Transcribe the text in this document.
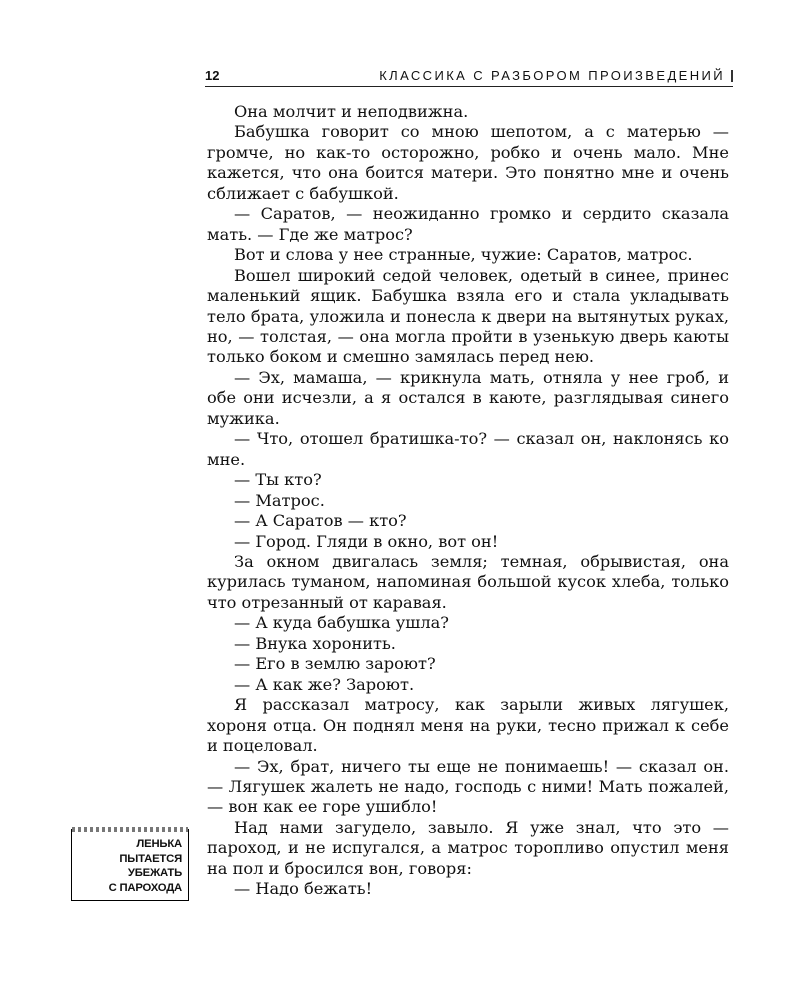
12	КЛАССИКА С РАЗБОРОМ ПРОИЗВЕДЕНИЙ

Она молчит и неподвижна.

Бабушка говорит со мною шепотом, а с матерью — громче, но как-то осторожно, робко и очень мало. Мне кажется, что она боится матери. Это понятно мне и очень сближает с бабушкой.

— Саратов, — неожиданно громко и сердито сказала мать. — Где же матрос?

Вот и слова у нее странные, чужие: Саратов, матрос.

Вошел широкий седой человек, одетый в синее, принес маленький ящик. Бабушка взяла его и стала укладывать тело брата, уложила и понесла к двери на вытянутых руках, но, — толстая, — она могла пройти в узенькую дверь каюты только боком и смешно замялась перед нею.

— Эх, мамаша, — крикнула мать, отняла у нее гроб, и обе они исчезли, а я остался в каюте, разглядывая синего мужика.

— Что, отошел братишка-то? — сказал он, наклонясь ко мне.

— Ты кто?

— Матрос.

— А Саратов — кто?

— Город. Гляди в окно, вот он!

За окном двигалась земля; темная, обрывистая, она курилась туманом, напоминая большой кусок хлеба, только что отрезанный от каравая.

— А куда бабушка ушла?

— Внука хоронить.

— Его в землю зароют?

— А как же? Зароют.

Я рассказал матросу, как зарыли живых лягушек, хороня отца. Он поднял меня на руки, тесно прижал к себе и поцеловал.

— Эх, брат, ничего ты еще не понимаешь! — сказал он. — Лягушек жалеть не надо, господь с ними! Мать пожалей, — вон как ее горе ушибло!

Над нами загудело, завыло. Я уже знал, что это — пароход, и не испугался, а матрос торопливо опустил меня на пол и бросился вон, говоря:

— Надо бежать!

ЛЕНЬКА
ПЫТАЕТСЯ
УБЕЖАТЬ
С ПАРОХОДА
